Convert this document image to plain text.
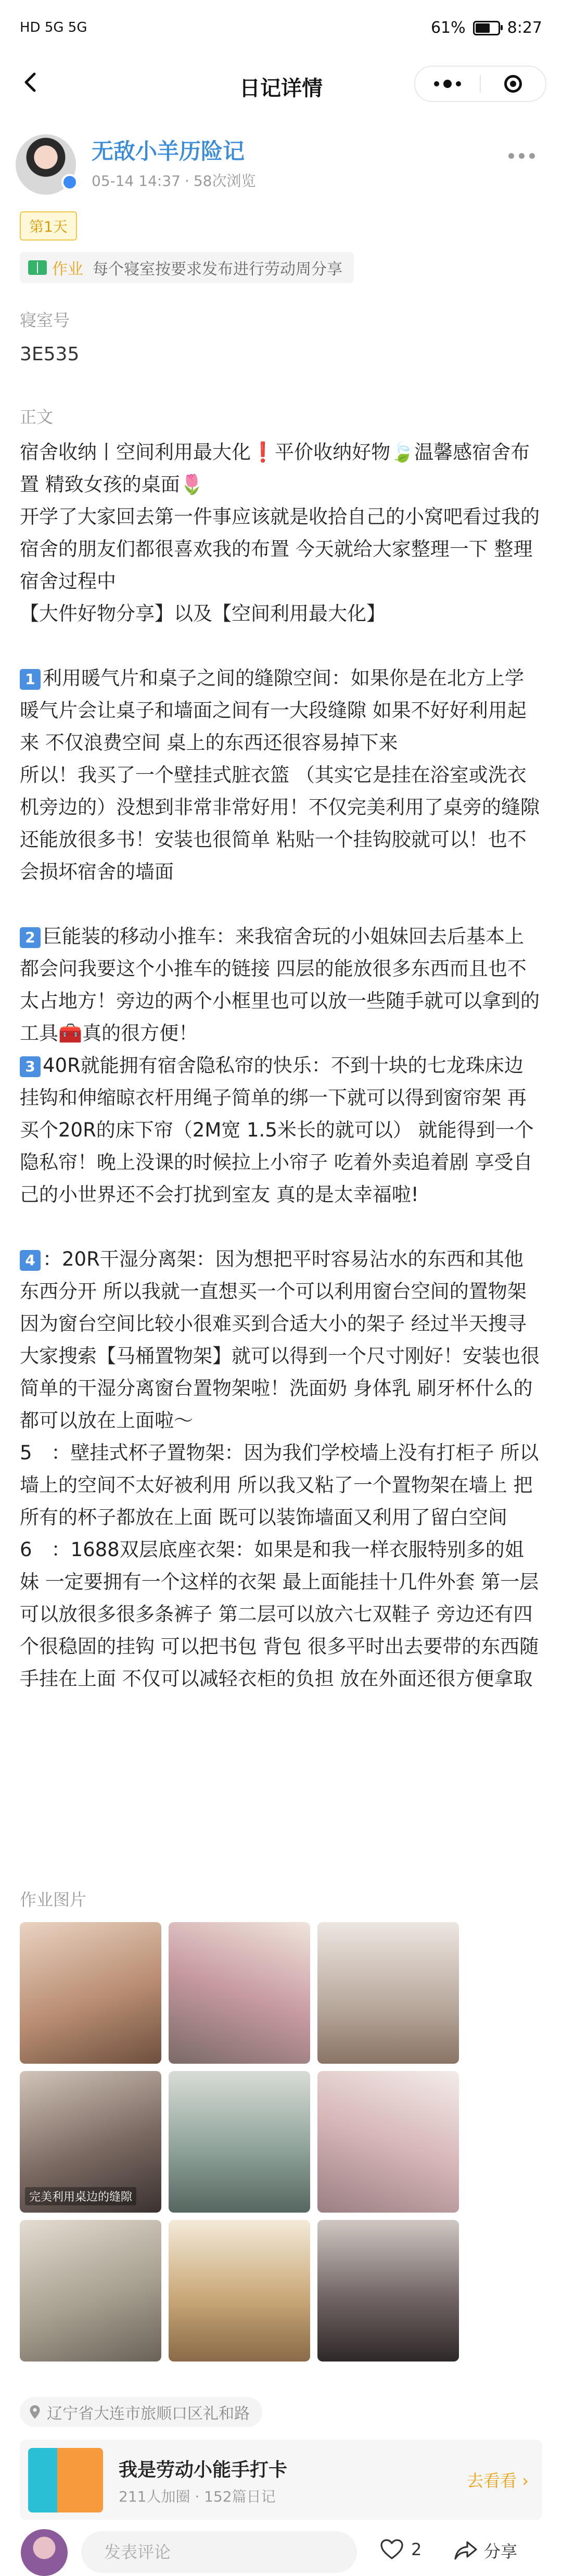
HD 5G 5G	61%	8:27
日记详情
无敌小羊历险记
05-14 14:37 · 58次浏览
第1天
作业 每个寝室按要求发布进行劳动周分享
寝室号
3E535
正文

宿舍收纳丨空间利用最大化❗平价收纳好物🍃温馨感宿舍布置 精致女孩的桌面🌷
开学了大家回去第一件事应该就是收拾自己的小窝吧看过我的宿舍的朋友们都很喜欢我的布置 今天就给大家整理一下 整理宿舍过程中
【大件好物分享】以及【空间利用最大化】

1 利用暖气片和桌子之间的缝隙空间：如果你是在北方上学 暖气片会让桌子和墙面之间有一大段缝隙 如果不好好利用起来 不仅浪费空间 桌上的东西还很容易掉下来
所以！我买了一个壁挂式脏衣篮 （其实它是挂在浴室或洗衣机旁边的）没想到非常非常好用！不仅完美利用了桌旁的缝隙 还能放很多书！安装也很简单 粘贴一个挂钩胶就可以！也不会损坏宿舍的墙面

2 巨能装的移动小推车：来我宿舍玩的小姐妹回去后基本上都会问我要这个小推车的链接 四层的能放很多东西而且也不太占地方！旁边的两个小框里也可以放一些随手就可以拿到的工具🧰真的很方便！

3 40R就能拥有宿舍隐私帘的快乐：不到十块的七龙珠床边挂钩和伸缩晾衣杆用绳子简单的绑一下就可以得到窗帘架 再买个20R的床下帘（2M宽 1.5米长的就可以） 就能得到一个隐私帘！晚上没课的时候拉上小帘子 吃着外卖追着剧 享受自己的小世界还不会打扰到室友 真的是太幸福啦!

4 ：20R干湿分离架：因为想把平时容易沾水的东西和其他东西分开 所以我就一直想买一个可以利用窗台空间的置物架 因为窗台空间比较小很难买到合适大小的架子 经过半天搜寻 大家搜索【马桶置物架】就可以得到一个尺寸刚好！安装也很简单的干湿分离窗台置物架啦！洗面奶 身体乳 刷牙杯什么的都可以放在上面啦～
5　：壁挂式杯子置物架：因为我们学校墙上没有打柜子 所以墙上的空间不太好被利用 所以我又粘了一个置物架在墙上 把所有的杯子都放在上面 既可以装饰墙面又利用了留白空间
6　：1688双层底座衣架：如果是和我一样衣服特别多的姐妹 一定要拥有一个这样的衣架 最上面能挂十几件外套 第一层可以放很多很多条裤子 第二层可以放六七双鞋子 旁边还有四个很稳固的挂钩 可以把书包 背包 很多平时出去要带的东西随手挂在上面 不仅可以减轻衣柜的负担 放在外面还很方便拿取

作业图片
完美利用桌边的缝隙
辽宁省大连市旅顺口区礼和路
我是劳动小能手打卡
211人加圈 · 152篇日记
去看看 ›
发表评论	2	分享
